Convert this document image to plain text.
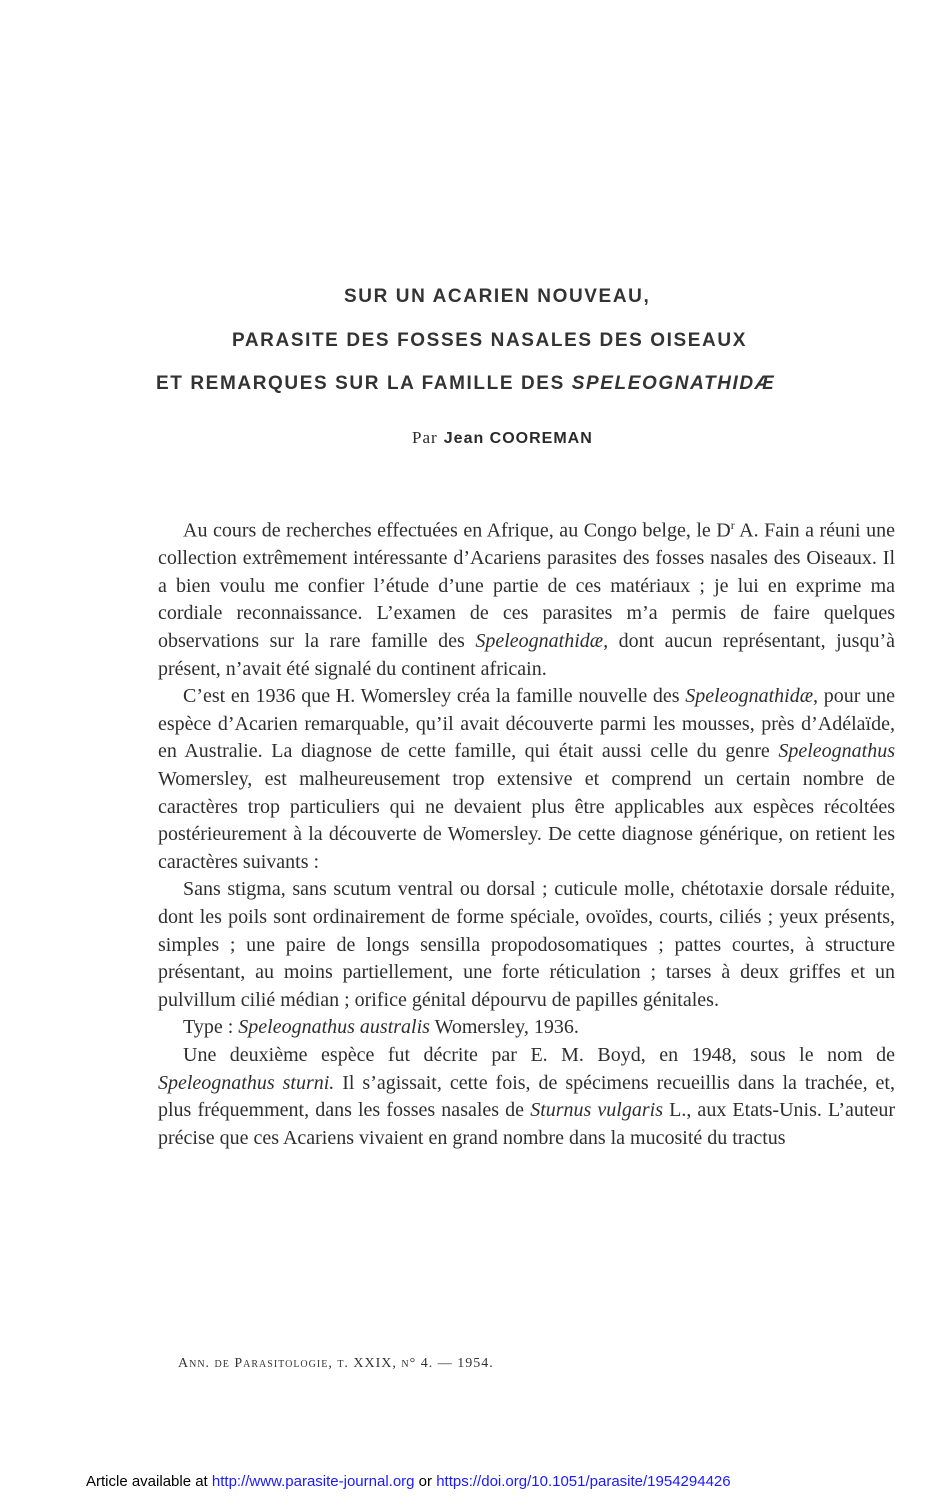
SUR UN ACARIEN NOUVEAU,
PARASITE DES FOSSES NASALES DES OISEAUX
ET REMARQUES SUR LA FAMILLE DES SPELEOGNATHIDÆ
Par Jean COOREMAN

Au cours de recherches effectuées en Afrique, au Congo belge, le $D^r$ A. Fain a réuni une collection extrêmement intéressante d’Acariens parasites des fosses nasales des Oiseaux. Il a bien voulu me confier l’étude d’une partie de ces matériaux ; je lui en exprime ma cordiale reconnaissance. L’examen de ces parasites m’a permis de faire quelques observations sur la rare famille des Speleognathidæ, dont aucun représentant, jusqu’à présent, n’avait été signalé du continent africain.

C’est en 1936 que H. Womersley créa la famille nouvelle des Speleognathidæ, pour une espèce d’Acarien remarquable, qu’il avait découverte parmi les mousses, près d’Adélaïde, en Australie. La diagnose de cette famille, qui était aussi celle du genre Speleognathus Womersley, est malheureusement trop extensive et comprend un certain nombre de caractères trop particuliers qui ne devaient plus être applicables aux espèces récoltées postérieurement à la découverte de Womersley. De cette diagnose générique, on retient les caractères suivants :

Sans stigma, sans scutum ventral ou dorsal ; cuticule molle, chétotaxie dorsale réduite, dont les poils sont ordinairement de forme spéciale, ovoïdes, courts, ciliés ; yeux présents, simples ; une paire de longs sensilla propodosomatiques ; pattes courtes, à structure présentant, au moins partiellement, une forte réticulation ; tarses à deux griffes et un pulvillum cilié médian ; orifice génital dépourvu de papilles génitales.

Type : Speleognathus australis Womersley, 1936.

Une deuxième espèce fut décrite par E. M. Boyd, en 1948, sous le nom de Speleognathus sturni. Il s’agissait, cette fois, de spécimens recueillis dans la trachée, et, plus fréquemment, dans les fosses nasales de Sturnus vulgaris L., aux Etats-Unis. L’auteur précise que ces Acariens vivaient en grand nombre dans la mucosité du tractus

Ann. de Parasitologie, t. XXIX, n° 4. — 1954.
Article available at http://www.parasite-journal.org or https://doi.org/10.1051/parasite/1954294426
